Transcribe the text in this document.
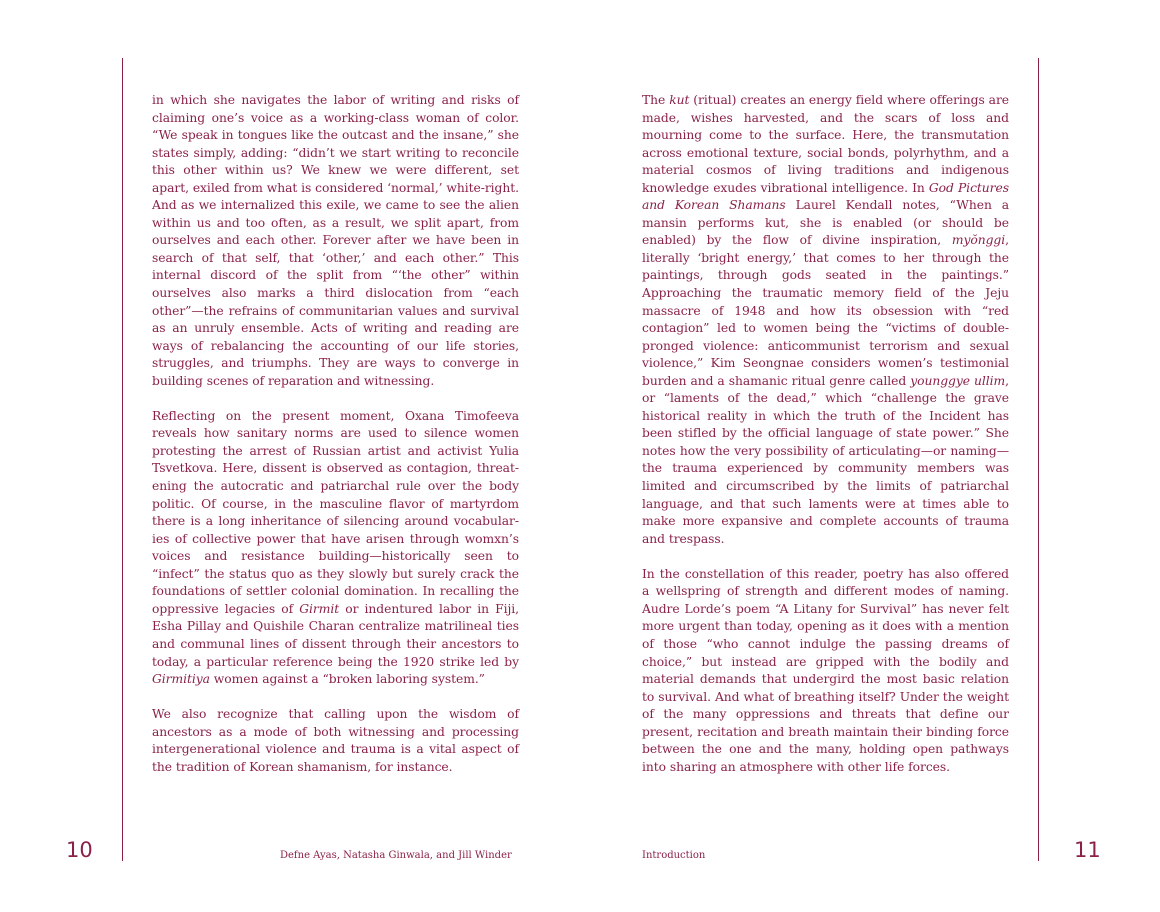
in which she navigates the labor of writing and risks of claiming one’s voice as a working-class woman of color. “We speak in tongues like the outcast and the insane,” she states simply, adding: “didn’t we start writing to reconcile this other within us? We knew we were different, set apart, exiled from what is considered ‘normal,’ white-right. And as we internalized this exile, we came to see the alien within us and too often, as a result, we split apart, from ourselves and each other. Forever after we have been in search of that self, that ‘other,’ and each other.” This internal discord of the split from “‘the other” within ourselves also marks a third dislocation from “each other”—the refrains of communitarian values and survival as an unruly ensemble. Acts of writing and reading are ways of rebalancing the accounting of our life stories, struggles, and triumphs. They are ways to converge in building scenes of reparation and witnessing.

Reflecting on the present moment, Oxana Timofeeva reveals how sanitary norms are used to silence women protesting the arrest of Russian artist and activist Yulia Tsvetkova. Here, dissent is observed as contagion, threatening the autocratic and patriarchal rule over the body politic. Of course, in the masculine flavor of martyrdom there is a long inheritance of silencing around vocabularies of collective power that have arisen through womxn’s voices and resistance building—historically seen to “infect” the status quo as they slowly but surely crack the foundations of settler colonial domination. In recalling the oppressive legacies of Girmit or indentured labor in Fiji, Esha Pillay and Quishile Charan centralize matrilineal ties and communal lines of dissent through their ancestors to today, a particular reference being the 1920 strike led by Girmitiya women against a “broken laboring system.”

We also recognize that calling upon the wisdom of ancestors as a mode of both witnessing and processing intergenerational violence and trauma is a vital aspect of the tradition of Korean shamanism, for instance.

The kut (ritual) creates an energy field where offerings are made, wishes harvested, and the scars of loss and mourning come to the surface. Here, the transmutation across emotional texture, social bonds, polyrhythm, and a material cosmos of living traditions and indigenous knowledge exudes vibrational intelligence. In God Pictures and Korean Shamans Laurel Kendall notes, “When a mansin performs kut, she is enabled (or should be enabled) by the flow of divine inspiration, myŏnggi, literally ‘bright energy,’ that comes to her through the paintings, through gods seated in the paintings.” Approaching the traumatic memory field of the Jeju massacre of 1948 and how its obsession with “red contagion” led to women being the “victims of double-pronged violence: anticommunist terrorism and sexual violence,” Kim Seongnae considers women’s testimonial burden and a shamanic ritual genre called younggye ullim, or “laments of the dead,” which “challenge the grave historical reality in which the truth of the Incident has been stifled by the official language of state power.” She notes how the very possibility of articulating—or naming—the trauma experienced by community members was limited and circumscribed by the limits of patriarchal language, and that such laments were at times able to make more expansive and complete accounts of trauma and trespass.

In the constellation of this reader, poetry has also offered a wellspring of strength and different modes of naming. Audre Lorde’s poem “A Litany for Survival” has never felt more urgent than today, opening as it does with a mention of those “who cannot indulge the passing dreams of choice,” but instead are gripped with the bodily and material demands that undergird the most basic relation to survival. And what of breathing itself? Under the weight of the many oppressions and threats that define our present, recitation and breath maintain their binding force between the one and the many, holding open pathways into sharing an atmosphere with other life forces.

10	Defne Ayas, Natasha Ginwala, and Jill Winder	Introduction	11
